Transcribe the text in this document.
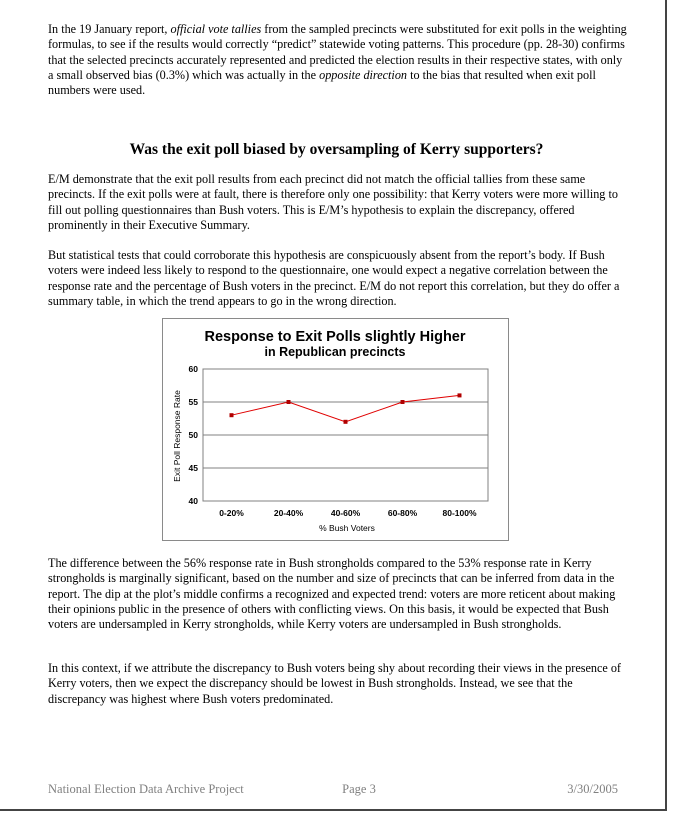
In the 19 January report, official vote tallies from the sampled precincts were substituted for exit polls in the weighting formulas, to see if the results would correctly “predict” statewide voting patterns. This procedure (pp. 28-30) confirms that the selected precincts accurately represented and predicted the election results in their respective states, with only a small observed bias (0.3%) which was actually in the opposite direction to the bias that resulted when exit poll numbers were used.

Was the exit poll biased by oversampling of Kerry supporters?

E/M demonstrate that the exit poll results from each precinct did not match the official tallies from these same precincts. If the exit polls were at fault, there is therefore only one possibility: that Kerry voters were more willing to fill out polling questionnaires than Bush voters. This is E/M’s hypothesis to explain the discrepancy, offered prominently in their Executive Summary.

But statistical tests that could corroborate this hypothesis are conspicuously absent from the report’s body. If Bush voters were indeed less likely to respond to the questionnaire, one would expect a negative correlation between the response rate and the percentage of Bush voters in the precinct. E/M do not report this correlation, but they do offer a summary table, in which the trend appears to go in the wrong direction.

Response to Exit Polls slightly Higher
in Republican precincts
40
45
50
55
60
0-20%	20-40%	40-60%	60-80%	80-100%
% Bush Voters
Exit Poll Response Rate

The difference between the 56% response rate in Bush strongholds compared to the 53% response rate in Kerry strongholds is marginally significant, based on the number and size of precincts that can be inferred from data in the report. The dip at the plot’s middle confirms a recognized and expected trend: voters are more reticent about making their opinions public in the presence of others with conflicting views. On this basis, it would be expected that Bush voters are undersampled in Kerry strongholds, while Kerry voters are undersampled in Bush strongholds.

In this context, if we attribute the discrepancy to Bush voters being shy about recording their views in the presence of Kerry voters, then we expect the discrepancy should be lowest in Bush strongholds. Instead, we see that the discrepancy was highest where Bush voters predominated.

National Election Data Archive Project	Page 3	3/30/2005
